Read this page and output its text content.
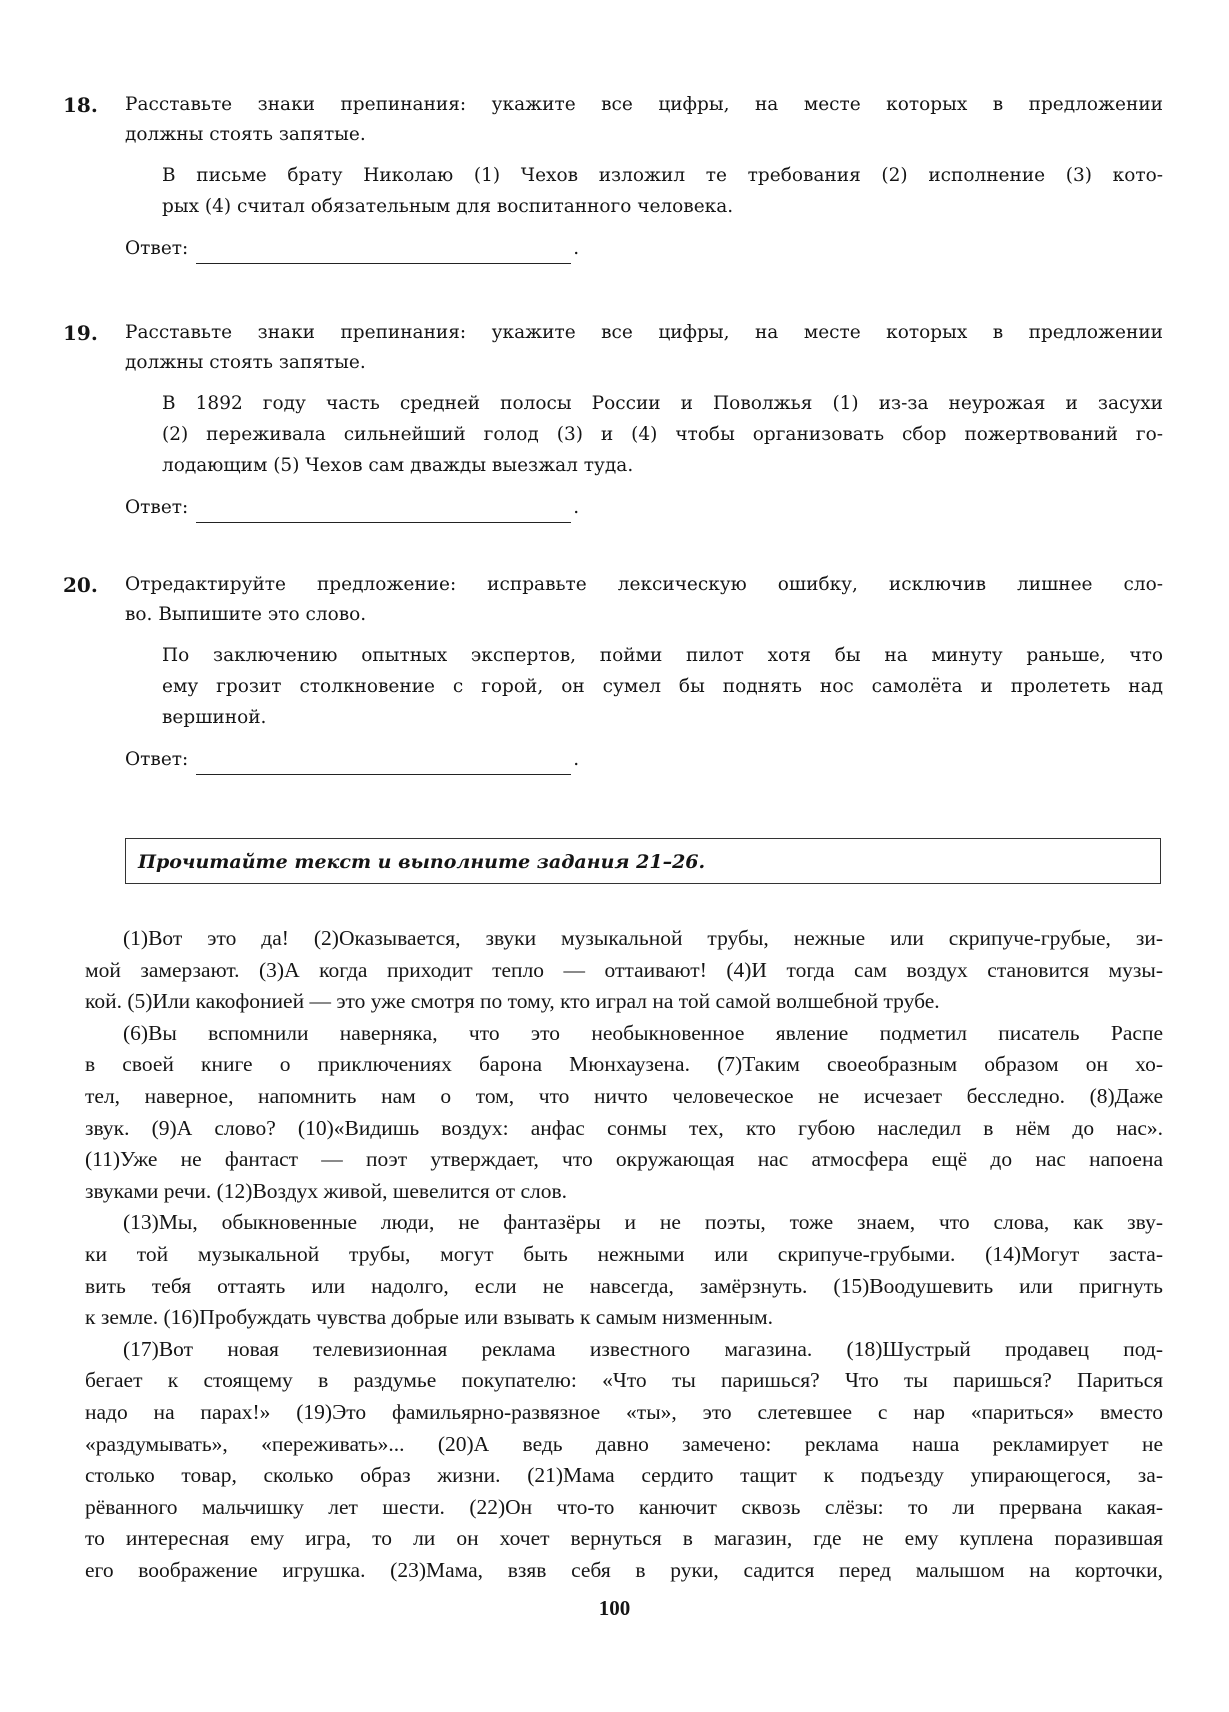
18. Расставьте знаки препинания: укажите все цифры, на месте которых в предложении
должны стоять запятые.
В письме брату Николаю (1) Чехов изложил те требования (2) исполнение (3) кото-
рых (4) считал обязательным для воспитанного человека.
Ответ:	.
19. Расставьте знаки препинания: укажите все цифры, на месте которых в предложении
должны стоять запятые.
В 1892 году часть средней полосы России и Поволжья (1) из-за неурожая и засухи
(2) переживала сильнейший голод (3) и (4) чтобы организовать сбор пожертвований го-
лодающим (5) Чехов сам дважды выезжал туда.
Ответ:	.
20. Отредактируйте предложение: исправьте лексическую ошибку, исключив лишнее сло-
во. Выпишите это слово.
По заключению опытных экспертов, пойми пилот хотя бы на минуту раньше, что
ему грозит столкновение с горой, он сумел бы поднять нос самолёта и пролететь над
вершиной.
Ответ:	.
Прочитайте текст и выполните задания 21–26.
(1)Вот это да! (2)Оказывается, звуки музыкальной трубы, нежные или скрипуче-грубые, зи-
мой замерзают. (3)А когда приходит тепло — оттаивают! (4)И тогда сам воздух становится музы-
кой. (5)Или какофонией — это уже смотря по тому, кто играл на той самой волшебной трубе.
(6)Вы вспомнили наверняка, что это необыкновенное явление подметил писатель Распе
в своей книге о приключениях барона Мюнхаузена. (7)Таким своеобразным образом он хо-
тел, наверное, напомнить нам о том, что ничто человеческое не исчезает бесследно. (8)Даже
звук. (9)А слово? (10)«Видишь воздух: анфас сонмы тех, кто губою наследил в нём до нас».
(11)Уже не фантаст — поэт утверждает, что окружающая нас атмосфера ещё до нас напоена
звуками речи. (12)Воздух живой, шевелится от слов.
(13)Мы, обыкновенные люди, не фантазёры и не поэты, тоже знаем, что слова, как зву-
ки той музыкальной трубы, могут быть нежными или скрипуче-грубыми. (14)Могут заста-
вить тебя оттаять или надолго, если не навсегда, замёрзнуть. (15)Воодушевить или пригнуть
к земле. (16)Пробуждать чувства добрые или взывать к самым низменным.
(17)Вот новая телевизионная реклама известного магазина. (18)Шустрый продавец под-
бегает к стоящему в раздумье покупателю: «Что ты паришься? Что ты паришься? Париться
надо на парах!» (19)Это фамильярно-развязное «ты», это слетевшее с нар «париться» вместо
«раздумывать», «переживать»... (20)А ведь давно замечено: реклама наша рекламирует не
столько товар, сколько образ жизни. (21)Мама сердито тащит к подъезду упирающегося, за-
рёванного мальчишку лет шести. (22)Он что-то канючит сквозь слёзы: то ли прервана какая-
то интересная ему игра, то ли он хочет вернуться в магазин, где не ему куплена поразившая
его воображение игрушка. (23)Мама, взяв себя в руки, садится перед малышом на корточки,
100
